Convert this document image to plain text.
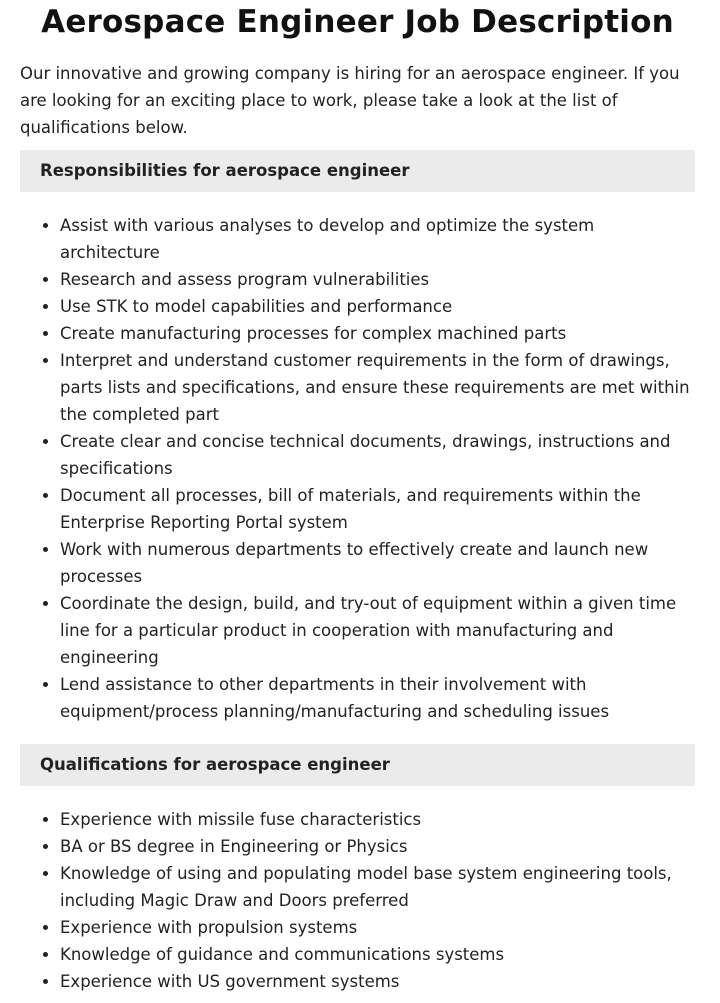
Aerospace Engineer Job Description

Our innovative and growing company is hiring for an aerospace engineer. If you are looking for an exciting place to work, please take a look at the list of qualifications below.

Responsibilities for aerospace engineer
• Assist with various analyses to develop and optimize the system architecture
• Research and assess program vulnerabilities
• Use STK to model capabilities and performance
• Create manufacturing processes for complex machined parts
• Interpret and understand customer requirements in the form of drawings, parts lists and specifications, and ensure these requirements are met within the completed part
• Create clear and concise technical documents, drawings, instructions and specifications
• Document all processes, bill of materials, and requirements within the Enterprise Reporting Portal system
• Work with numerous departments to effectively create and launch new processes
• Coordinate the design, build, and try-out of equipment within a given time line for a particular product in cooperation with manufacturing and engineering
• Lend assistance to other departments in their involvement with equipment/process planning/manufacturing and scheduling issues
Qualifications for aerospace engineer
• Experience with missile fuse characteristics
• BA or BS degree in Engineering or Physics
• Knowledge of using and populating model base system engineering tools, including Magic Draw and Doors preferred
• Experience with propulsion systems
• Knowledge of guidance and communications systems
• Experience with US government systems
